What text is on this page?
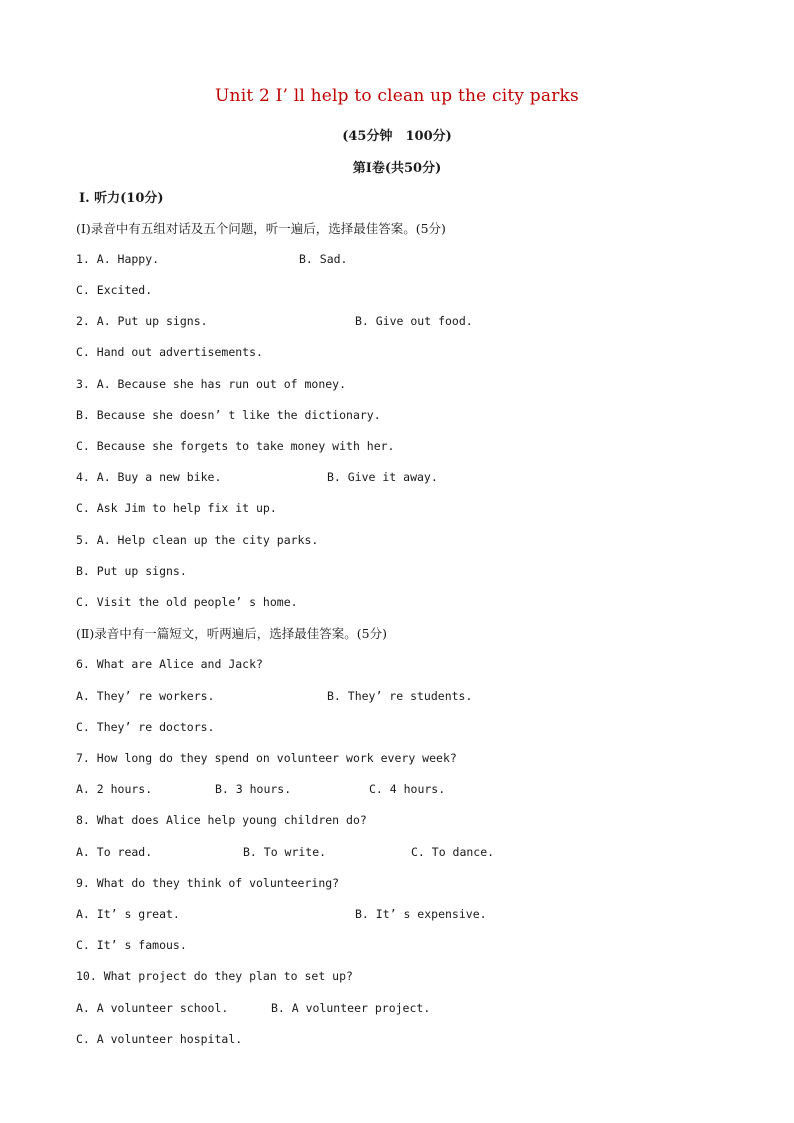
Unit 2 I’ ll help to clean up the city parks
(45分钟　100分)
第Ⅰ卷(共50分)
Ⅰ. 听力(10分)
(Ⅰ)录音中有五组对话及五个问题，听一遍后，选择最佳答案。(5分)
1. A. Happy.	B. Sad.
C. Excited.
2. A. Put up signs.	B. Give out food.
C. Hand out advertisements.
3. A. Because she has run out of money.
B. Because she doesn’ t like the dictionary.
C. Because she forgets to take money with her.
4. A. Buy a new bike.	B. Give it away.
C. Ask Jim to help fix it up.
5. A. Help clean up the city parks.
B. Put up signs.
C. Visit the old people’ s home.
(Ⅱ)录音中有一篇短文，听两遍后，选择最佳答案。(5分)
6. What are Alice and Jack?
A. They’ re workers.	B. They’ re students.
C. They’ re doctors.
7. How long do they spend on volunteer work every week?
A. 2 hours.	B. 3 hours.	C. 4 hours.
8. What does Alice help young children do?
A. To read.	B. To write.	C. To dance.
9. What do they think of volunteering?
A. It’ s great.	B. It’ s expensive.
C. It’ s famous.
10. What project do they plan to set up?
A. A volunteer school.	B. A volunteer project.
C. A volunteer hospital.
